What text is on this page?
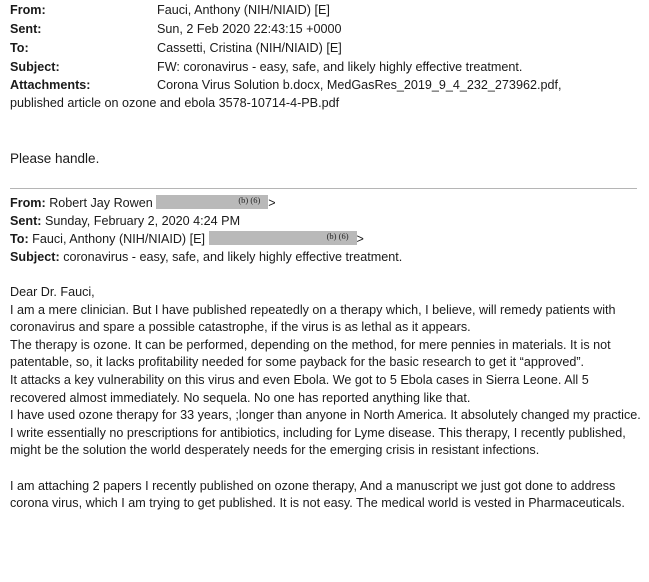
From:	Fauci, Anthony (NIH/NIAID) [E]
Sent:	Sun, 2 Feb 2020 22:43:15 +0000
To:	Cassetti, Cristina (NIH/NIAID) [E]
Subject:	FW: coronavirus - easy, safe, and likely highly effective treatment.
Attachments:	Corona Virus Solution b.docx, MedGasRes_2019_9_4_232_273962.pdf,
published article on ozone and ebola 3578-10714-4-PB.pdf
Please handle.
From: Robert Jay Rowen	(b) (6) >
Sent: Sunday, February 2, 2020 4:24 PM
To: Fauci, Anthony (NIH/NIAID) [E]	(b) (6) >
Subject: coronavirus - easy, safe, and likely highly effective treatment.

Dear Dr. Fauci,

I am a mere clinician. But I have published repeatedly on a therapy which, I believe, will remedy patients with coronavirus and spare a possible catastrophe, if the virus is as lethal as it appears.

The therapy is ozone. It can be performed, depending on the method, for mere pennies in materials. It is not patentable, so, it lacks profitability needed for some payback for the basic research to get it “approved”.

It attacks a key vulnerability on this virus and even Ebola. We got to 5 Ebola cases in Sierra Leone. All 5 recovered almost immediately. No sequela. No one has reported anything like that.

I have used ozone therapy for 33 years, ;longer than anyone in North America. It absolutely changed my practice. I write essentially no prescriptions for antibiotics, including for Lyme disease. This therapy, I recently published, might be the solution the world desperately needs for the emerging crisis in resistant infections.

I am attaching 2 papers I recently published on ozone therapy, And a manuscript we just got done to address corona virus, which I am trying to get published. It is not easy. The medical world is vested in Pharmaceuticals.
